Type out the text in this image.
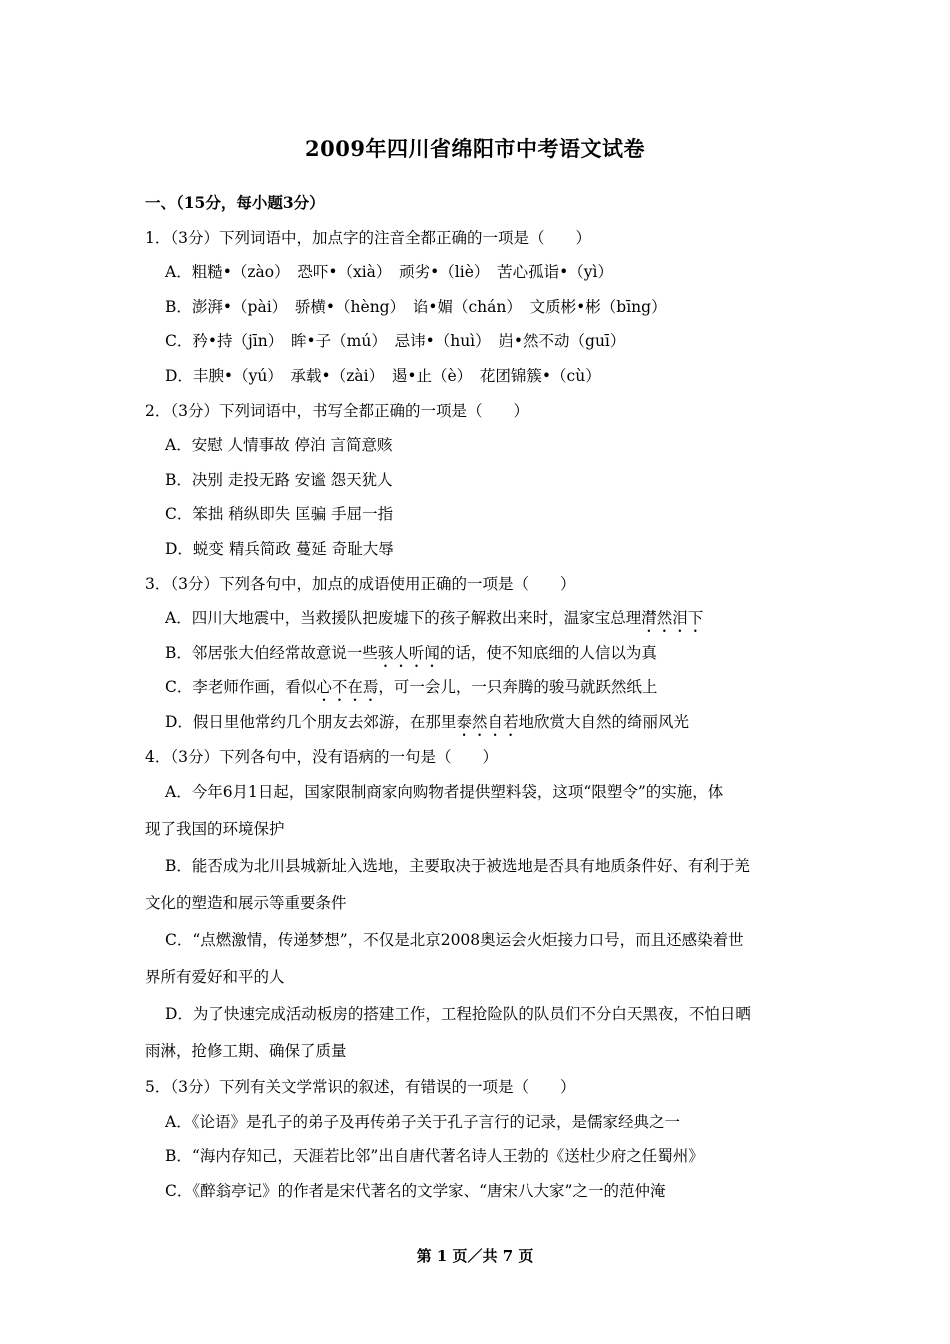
2009年四川省绵阳市中考语文试卷
一、（15分，每小题3分）
1．（3分）下列词语中，加点字的注音全都正确的一项是（　　）
A．粗糙•（zào）　恐吓•（xià）　顽劣•（liè）　苦心孤诣•（yì）
B．澎湃•（pài）　骄横•（hèng）　谄•媚（chán）　文质彬•彬（bīng）
C．矜•持（jīn）　眸•子（mú）　忌讳•（huì）　岿•然不动（guī）
D．丰腴•（yú）　承载•（zài）　遏•止（è）　花团锦簇•（cù）
2．（3分）下列词语中，书写全都正确的一项是（　　）
A．安慰 人情事故 停泊 言简意赅
B．决别 走投无路 安谧 怨天犹人
C．笨拙 稍纵即失 匡骗 手屈一指
D．蜕变 精兵简政 蔓延 奇耻大辱
3．（3分）下列各句中，加点的成语使用正确的一项是（　　）
A．四川大地震中，当救援队把废墟下的孩子解救出来时，温家宝总理潸然泪下
B．邻居张大伯经常故意说一些骇人听闻的话，使不知底细的人信以为真
C．李老师作画，看似心不在焉，可一会儿，一只奔腾的骏马就跃然纸上
D．假日里他常约几个朋友去郊游，在那里泰然自若地欣赏大自然的绮丽风光
4．（3分）下列各句中，没有语病的一句是（　　）
A．今年6月1日起，国家限制商家向购物者提供塑料袋，这项“限塑令”的实施，体
现了我国的环境保护
B．能否成为北川县城新址入选地，主要取决于被选地是否具有地质条件好、有利于羌
文化的塑造和展示等重要条件
C．“点燃激情，传递梦想”，不仅是北京2008奥运会火炬接力口号，而且还感染着世
界所有爱好和平的人
D．为了快速完成活动板房的搭建工作，工程抢险队的队员们不分白天黑夜，不怕日晒
雨淋，抢修工期、确保了质量
5．（3分）下列有关文学常识的叙述，有错误的一项是（　　）
A．《论语》是孔子的弟子及再传弟子关于孔子言行的记录，是儒家经典之一
B．“海内存知己，天涯若比邻”出自唐代著名诗人王勃的《送杜少府之任蜀州》
C．《醉翁亭记》的作者是宋代著名的文学家、“唐宋八大家”之一的范仲淹
第 1 页／共 7 页
